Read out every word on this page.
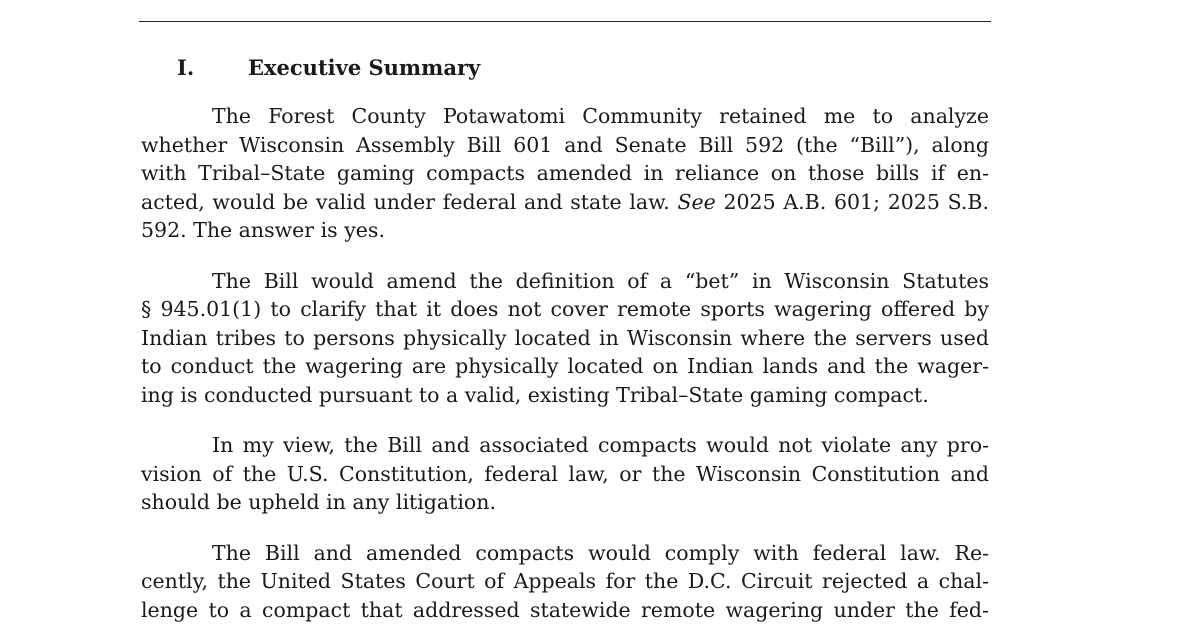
I.	Executive Summary
The Forest County Potawatomi Community retained me to analyze
whether Wisconsin Assembly Bill 601 and Senate Bill 592 (the “Bill”), along
with Tribal–State gaming compacts amended in reliance on those bills if en-
acted, would be valid under federal and state law. See 2025 A.B. 601; 2025 S.B.
592. The answer is yes.
The Bill would amend the definition of a “bet” in Wisconsin Statutes
§ 945.01(1) to clarify that it does not cover remote sports wagering offered by
Indian tribes to persons physically located in Wisconsin where the servers used
to conduct the wagering are physically located on Indian lands and the wager-
ing is conducted pursuant to a valid, existing Tribal–State gaming compact.
In my view, the Bill and associated compacts would not violate any pro-
vision of the U.S. Constitution, federal law, or the Wisconsin Constitution and
should be upheld in any litigation.
The Bill and amended compacts would comply with federal law. Re-
cently, the United States Court of Appeals for the D.C. Circuit rejected a chal-
lenge to a compact that addressed statewide remote wagering under the fed-
